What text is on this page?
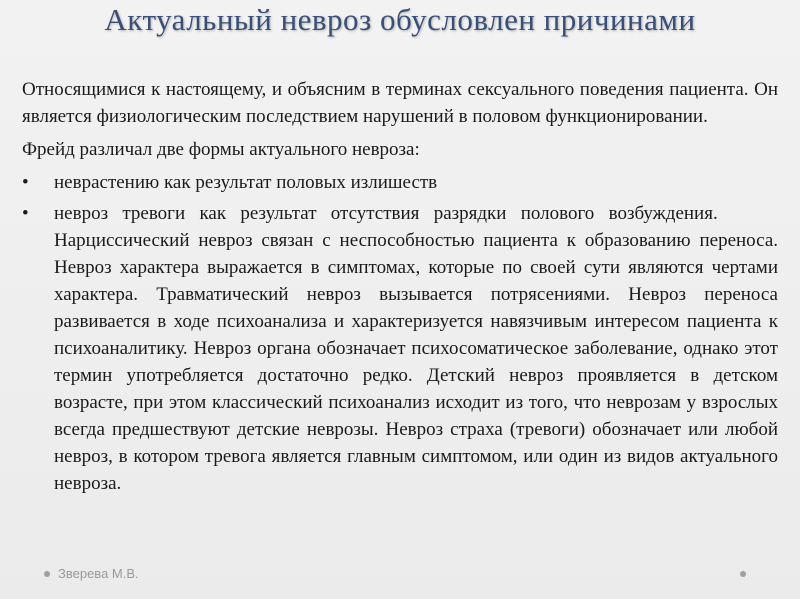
Актуальный невроз обусловлен причинами

Относящимися к настоящему, и объясним в терминах сексуального поведения пациента. Он является физиологическим последствием нарушений в половом функционировании.

Фрейд различал две формы актуального невроза:

• неврастению как результат половых излишеств
• невроз тревоги как результат отсутствия разрядки полового возбуждения. Нарциссический невроз связан с неспособностью пациента к образованию переноса. Невроз характера выражается в симптомах, которые по своей сути являются чертами характера. Травматический невроз вызывается потрясениями. Невроз переноса развивается в ходе психоанализа и характеризуется навязчивым интересом пациента к психоаналитику. Невроз органа обозначает психосоматическое заболевание, однако этот термин употребляется достаточно редко. Детский невроз проявляется в детском возрасте, при этом классический психоанализ исходит из того, что неврозам у взрослых всегда предшествуют детские неврозы. Невроз страха (тревоги) обозначает или любой невроз, в котором тревога является главным симптомом, или один из видов актуального невроза.
Зверева М.В.
